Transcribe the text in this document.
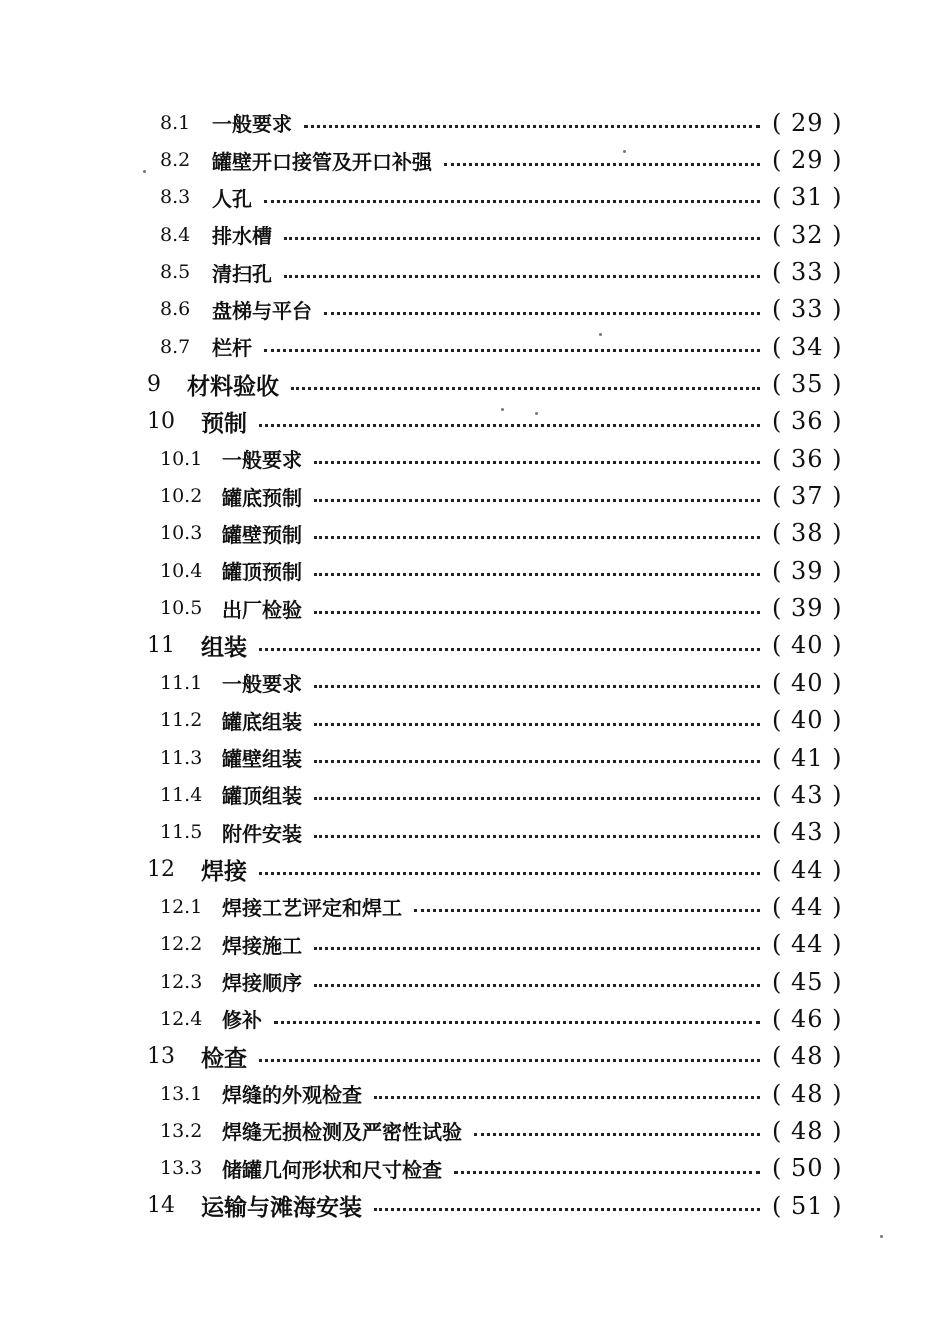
8.1	一般要求	( 29 )
8.2	罐壁开口接管及开口补强	( 29 )
8.3	人孔	( 31 )
8.4	排水槽	( 32 )
8.5	清扫孔	( 33 )
8.6	盘梯与平台	( 33 )
8.7	栏杆	( 34 )
9	材料验收	( 35 )
10	预制	( 36 )
10.1 一般要求	( 36 )
10.2 罐底预制	( 37 )
10.3 罐壁预制	( 38 )
10.4 罐顶预制	( 39 )
10.5 出厂检验	( 39 )
11	组装	( 40 )
11.1 一般要求	( 40 )
11.2 罐底组装	( 40 )
11.3 罐壁组装	( 41 )
11.4 罐顶组装	( 43 )
11.5 附件安装	( 43 )
12	焊接	( 44 )
12.1 焊接工艺评定和焊工	( 44 )
12.2 焊接施工	( 44 )
12.3 焊接顺序	( 45 )
12.4 修补	( 46 )
13	检查	( 48 )
13.1 焊缝的外观检查	( 48 )
13.2 焊缝无损检测及严密性试验	( 48 )
13.3 储罐几何形状和尺寸检查	( 50 )
14	运输与滩海安装	( 51 )
